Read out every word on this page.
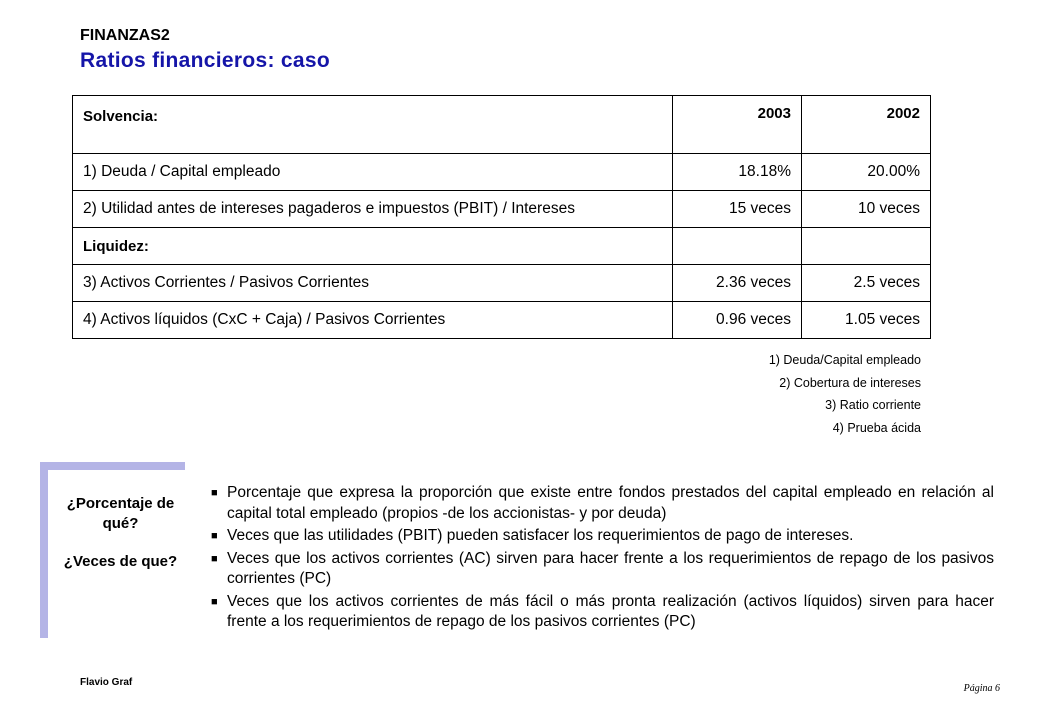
FINANZAS2
Ratios financieros: caso
Solvencia:	2003	2002
1) Deuda / Capital empleado	18.18%	20.00%
2) Utilidad antes de intereses pagaderos e impuestos (PBIT) / Intereses	15 veces	10 veces
Liquidez:		
3) Activos Corrientes / Pasivos Corrientes	2.36 veces	2.5 veces
4) Activos líquidos (CxC + Caja) / Pasivos Corrientes	0.96 veces	1.05 veces
1) Deuda/Capital empleado
2) Cobertura de intereses
3) Ratio corriente
4) Prueba ácida
¿Porcentaje de qué?
¿Veces de que?
■ Porcentaje que expresa la proporción que existe entre fondos prestados del capital empleado en relación al capital total empleado (propios -de los accionistas- y por deuda)
■ Veces que las utilidades (PBIT) pueden satisfacer los requerimientos de pago de intereses.
■ Veces que los activos corrientes (AC) sirven para hacer frente a los requerimientos de repago de los pasivos corrientes (PC)
■ Veces que los activos corrientes de más fácil o más pronta realización (activos líquidos) sirven para hacer frente a los requerimientos de repago de los pasivos corrientes (PC)
Flavio Graf
Página 6
